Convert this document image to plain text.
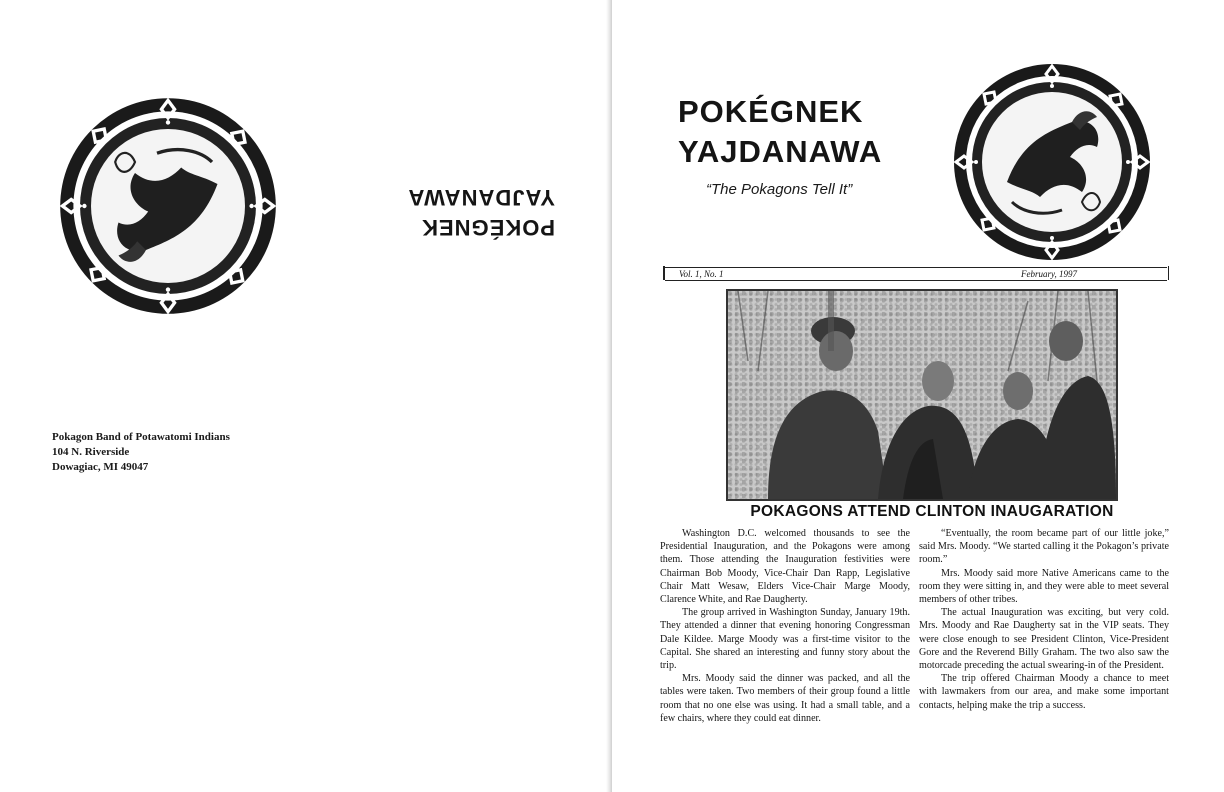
POKÉGNEK
YAJDANAWA
Pokagon Band of Potawatomi Indians
104 N. Riverside
Dowagiac, MI 49047
POKÉGNEK
YAJDANAWA
“The Pokagons Tell It”
Vol. 1, No. 1	February, 1997
POKAGONS ATTEND CLINTON INAUGARATION

Washington D.C. welcomed thousands to see the Presidential Inauguration, and the Pokagons were among them. Those attending the Inauguration festivities were Chairman Bob Moody, Vice-Chair Dan Rapp, Legislative Chair Matt Wesaw, Elders Vice-Chair Marge Moody, Clarence White, and Rae Daugherty.

The group arrived in Washington Sunday, January 19th. They attended a dinner that evening honoring Congressman Dale Kildee. Marge Moody was a first-time visitor to the Capital. She shared an interesting and funny story about the trip.

Mrs. Moody said the dinner was packed, and all the tables were taken. Two members of their group found a little room that no one else was using. It had a small table, and a few chairs, where they could eat dinner.

“Eventually, the room became part of our little joke,” said Mrs. Moody. “We started calling it the Pokagon’s private room.”

Mrs. Moody said more Native Americans came to the room they were sitting in, and they were able to meet several members of other tribes.

The actual Inauguration was exciting, but very cold. Mrs. Moody and Rae Daugherty sat in the VIP seats. They were close enough to see President Clinton, Vice-President Gore and the Reverend Billy Graham. The two also saw the motorcade preceding the actual swearing-in of the President.

The trip offered Chairman Moody a chance to meet with lawmakers from our area, and make some important contacts, helping make the trip a success.
